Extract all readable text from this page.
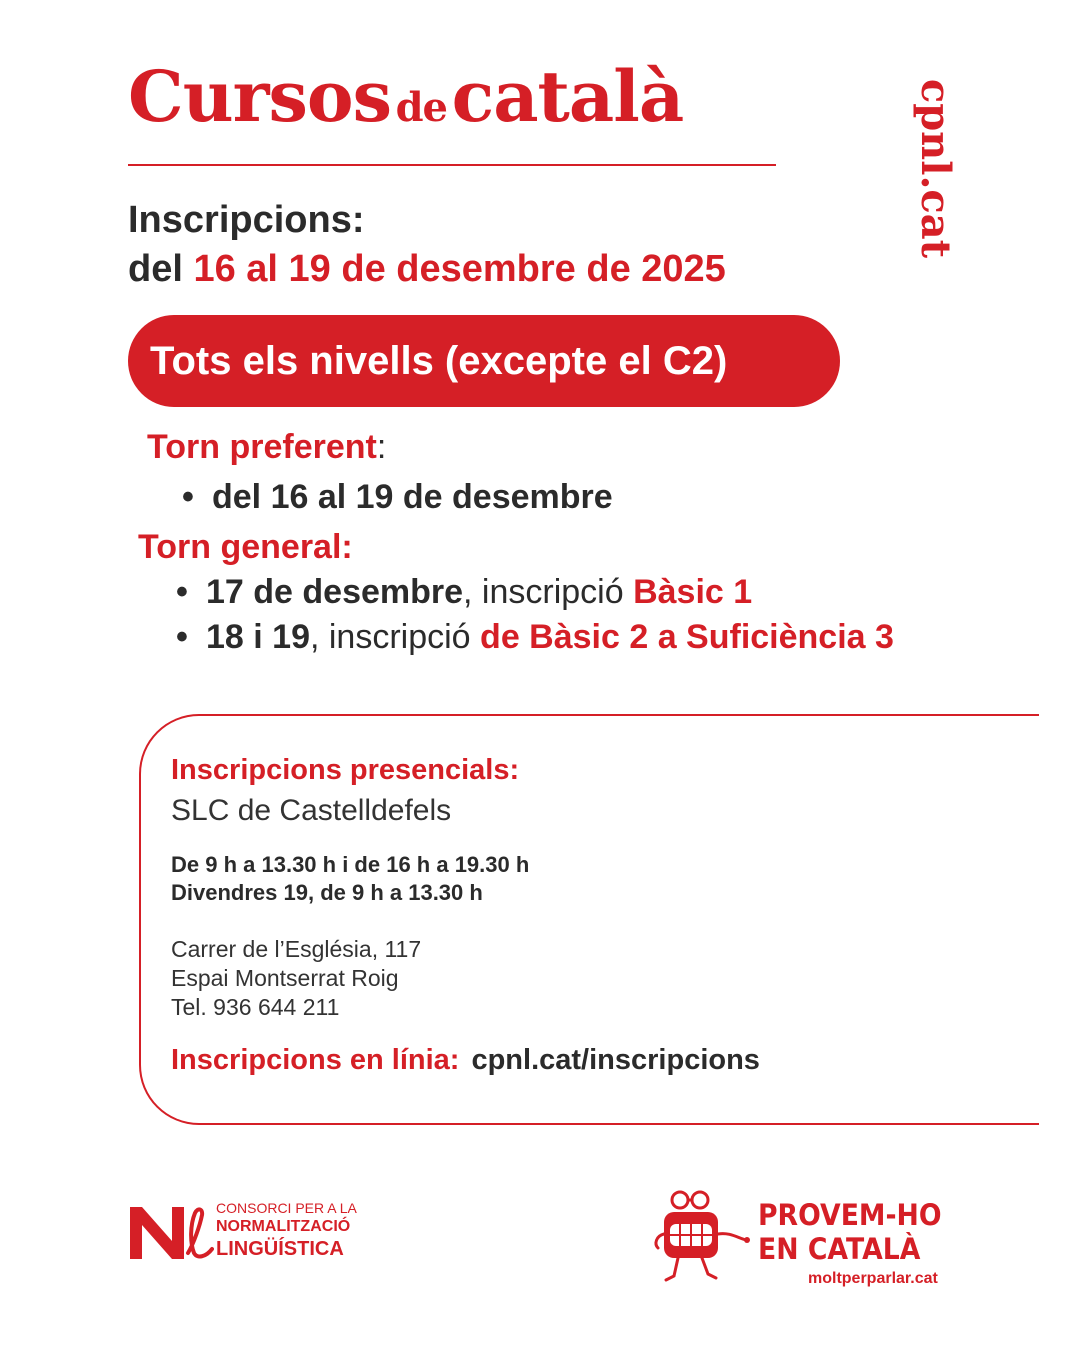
Cursos de català	cpnl.cat
Inscripcions:
del 16 al 19 de desembre de 2025
Tots els nivells (excepte el C2)
Torn preferent:
• del 16 al 19 de desembre
Torn general:
• 17 de desembre, inscripció Bàsic 1
• 18 i 19, inscripció de Bàsic 2 a Suficiència 3
Inscripcions presencials:
SLC de Castelldefels
De 9 h a 13.30 h i de 16 h a 19.30 h
Divendres 19, de 9 h a 13.30 h
Carrer de l’Església, 117
Espai Montserrat Roig
Tel. 936 644 211
Inscripcions en línia: cpnl.cat/inscripcions
CONSORCI PER A LA
NORMALITZACIÓ
LINGÜÍSTICA
PROVEM-HO
EN CATALÀ
moltperparlar.cat
